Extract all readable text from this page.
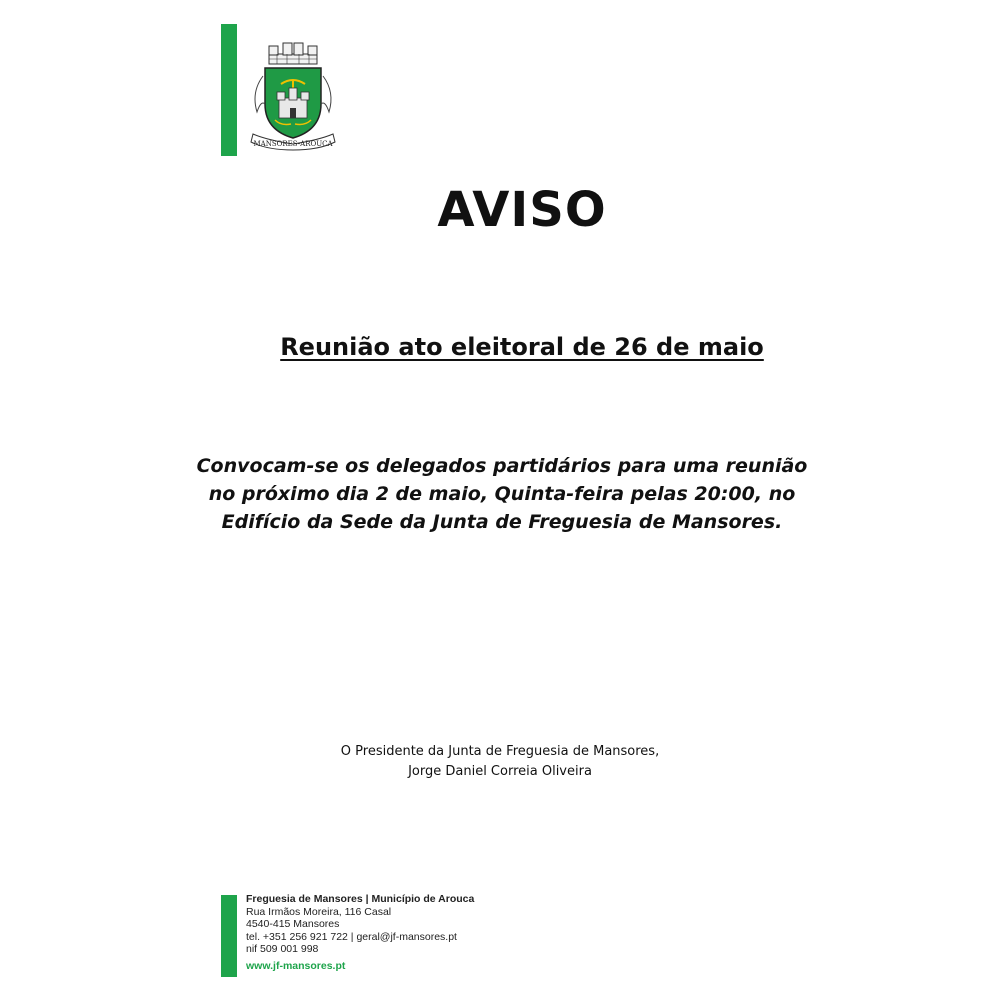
MANSORES-AROUCA
AVISO
Reunião ato eleitoral de 26 de maio
Convocam-se os delegados partidários para uma reunião
no próximo dia 2 de maio, Quinta-feira pelas 20:00, no
Edifício da Sede da Junta de Freguesia de Mansores.
O Presidente da Junta de Freguesia de Mansores,
Jorge Daniel Correia Oliveira
Freguesia de Mansores | Município de Arouca
Rua Irmãos Moreira, 116 Casal
4540-415 Mansores
tel. +351 256 921 722 | geral@jf-mansores.pt
nif 509 001 998
www.jf-mansores.pt
